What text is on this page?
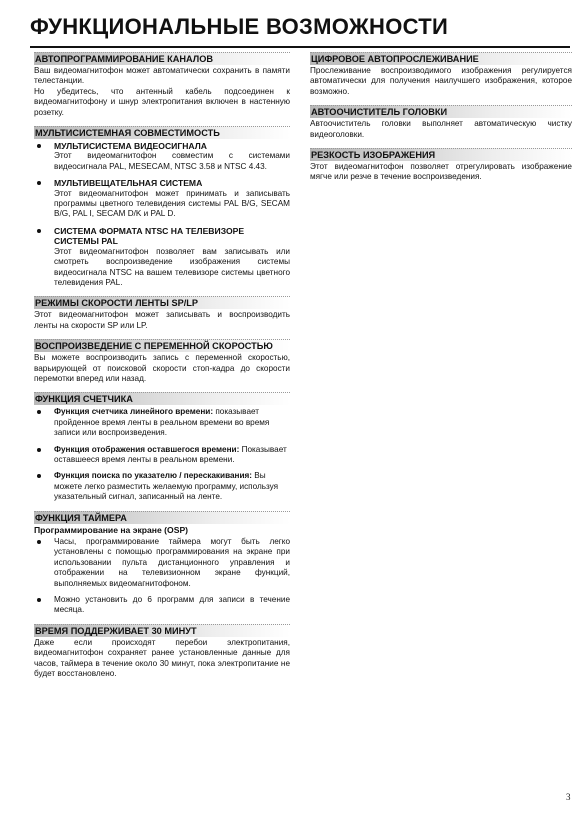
ФУНКЦИОНАЛЬНЫЕ ВОЗМОЖНОСТИ
АВТОПРОГРАММИРОВАНИЕ КАНАЛОВ
Ваш видеомагнитофон может автоматически сохранить в памяти телестанции.
Но убедитесь, что антенный кабель подсоединен к видеомагнитофону и шнур электропитания включен в настенную розетку.
МУЛЬТИСИСТЕМНАЯ СОВМЕСТИМОСТЬ
МУЛЬТИСИСТЕМА ВИДЕОСИГНАЛА
Этот видеомагнитофон совместим с системами видеосигнала PAL, MESECAM, NTSC 3.58 и NTSC 4.43.
МУЛЬТИВЕЩАТЕЛЬНАЯ СИСТЕМА
Этот видеомагнитофон может принимать и записывать программы цветного телевидения системы PAL B/G, SECAM B/G, PAL I, SECAM D/K и PAL D.
СИСТЕМА ФОРМАТА NTSC НА ТЕЛЕВИЗОРЕ СИСТЕМЫ PAL
Этот видеомагнитофон позволяет вам записывать или смотреть воспроизведение изображения системы видеосигнала NTSC на вашем телевизоре системы цветного телевидения PAL.
РЕЖИМЫ СКОРОСТИ ЛЕНТЫ SP/LP
Этот видеомагнитофон может записывать и воспроизводить ленты на скорости SP или LP.
ВОСПРОИЗВЕДЕНИЕ С ПЕРЕМЕННОЙ СКОРОСТЬЮ
Вы можете воспроизводить запись с переменной скоростью, варьирующей от поисковой скорости стоп-кадра до скорости перемотки вперед или назад.
ФУНКЦИЯ СЧЕТЧИКА
Функция счетчика линейного времени: показывает пройденное время ленты в реальном времени во время записи или воспроизведения.
Функция отображения оставшегося времени: Показывает оставшееся время ленты в реальном времени.
Функция поиска по указателю / перескакивания: Вы можете легко разместить желаемую программу, используя указательный сигнал, записанный на ленте.
ФУНКЦИЯ ТАЙМЕРА
Программирование на экране (OSP)
Часы, программирование таймера могут быть легко установлены с помощью программирования на экране при использовании пульта дистанционного управления и отображении на телевизионном экране функций, выполняемых видеомагнитофоном.
Можно установить до 6 программ для записи в течение месяца.
ВРЕМЯ ПОДДЕРЖИВАЕТ 30 МИНУТ
Даже если происходят перебои электропитания, видеомагнитофон сохраняет ранее установленные данные для часов, таймера в течение около 30 минут, пока электропитание не будет восстановлено.
ЦИФРОВОЕ АВТОПРОСЛЕЖИВАНИЕ
Прослеживание воспроизводимого изображения регулируется автоматически для получения наилучшего изображения, которое возможно.
АВТООЧИСТИТЕЛЬ ГОЛОВКИ
Автоочиститель головки выполняет автоматическую чистку видеоголовки.
РЕЗКОСТЬ ИЗОБРАЖЕНИЯ
Этот видеомагнитофон позволяет отрегулировать изображение мягче или резче в течение воспроизведения.
3
